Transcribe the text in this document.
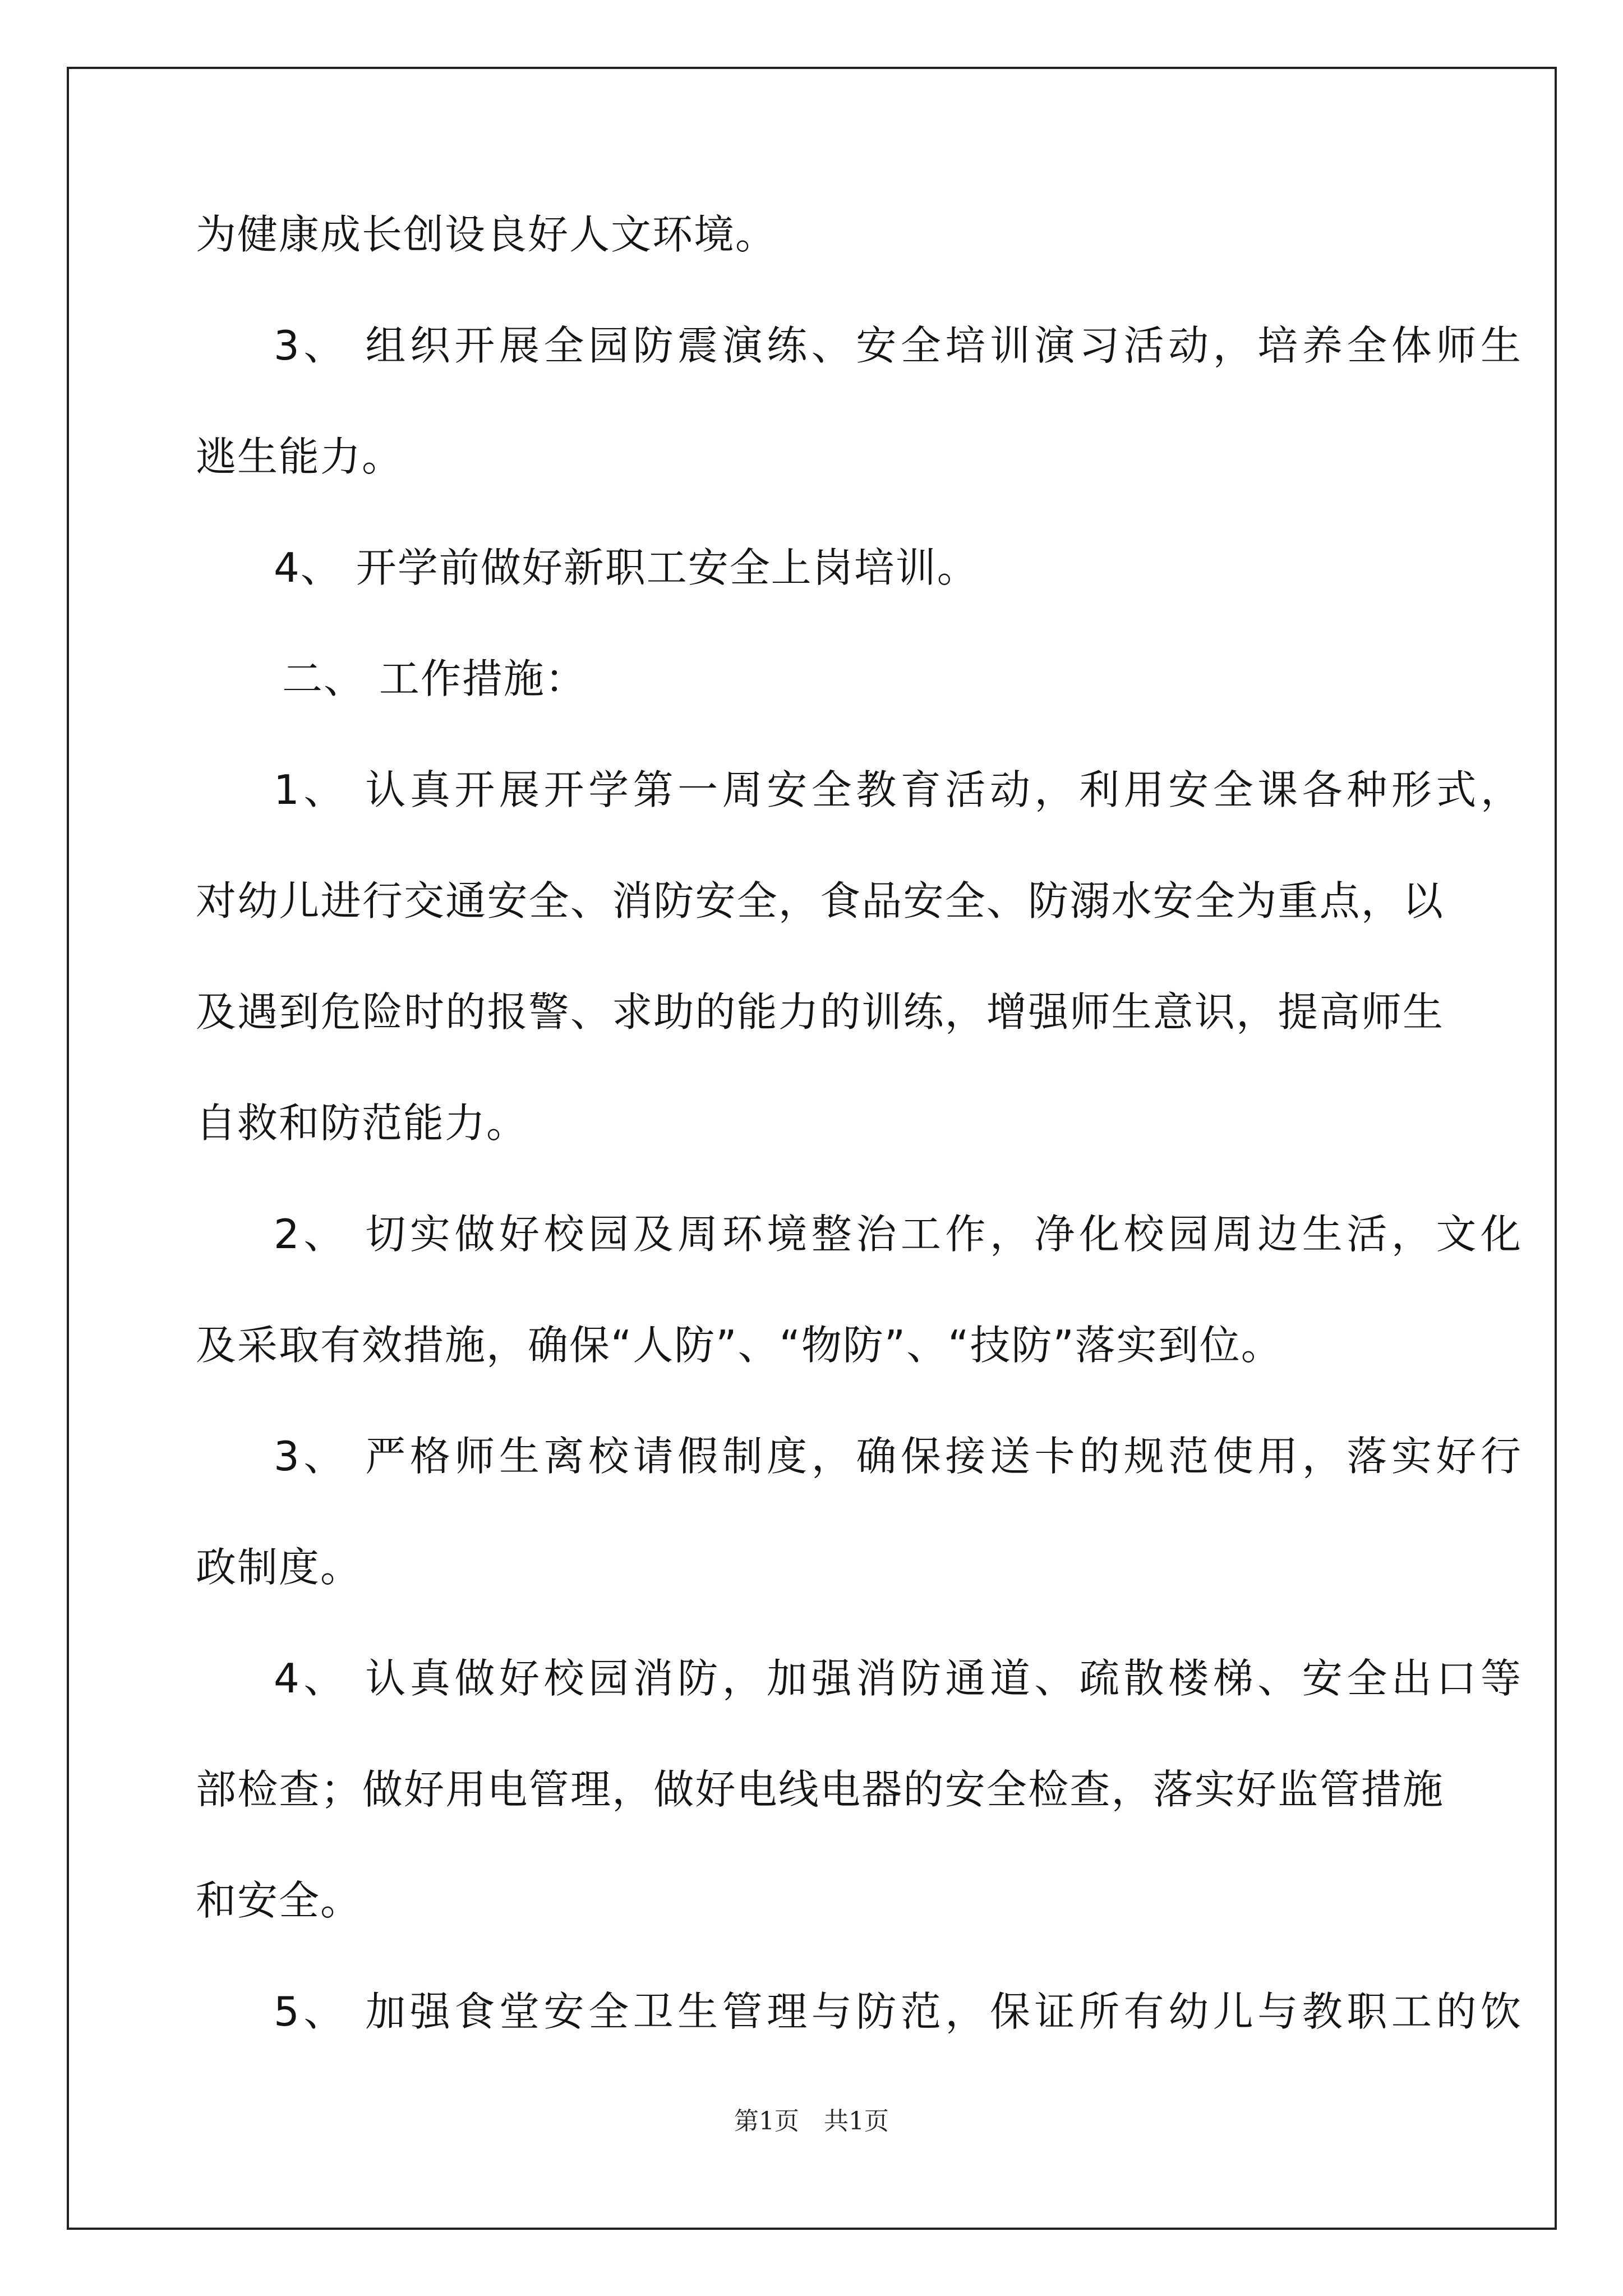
为健康成长创设良好人文环境。
3、 组织开展全园防震演练、安全培训演习活动，培养全体师生
逃生能力。
4、 开学前做好新职工安全上岗培训。
二、 工作措施：
1、 认真开展开学第一周安全教育活动，利用安全课各种形式，
对幼儿进行交通安全、消防安全，食品安全、防溺水安全为重点，以
及遇到危险时的报警、求助的能力的训练，增强师生意识，提高师生
自救和防范能力。
2、 切实做好校园及周环境整治工作，净化校园周边生活，文化
及采取有效措施，确保“人防”、“物防”、“技防”落实到位。
3、 严格师生离校请假制度，确保接送卡的规范使用，落实好行
政制度。
4、 认真做好校园消防，加强消防通道、疏散楼梯、安全出口等
部检查；做好用电管理，做好电线电器的安全检查，落实好监管措施
和安全。
5、 加强食堂安全卫生管理与防范，保证所有幼儿与教职工的饮
第1页　共1页
